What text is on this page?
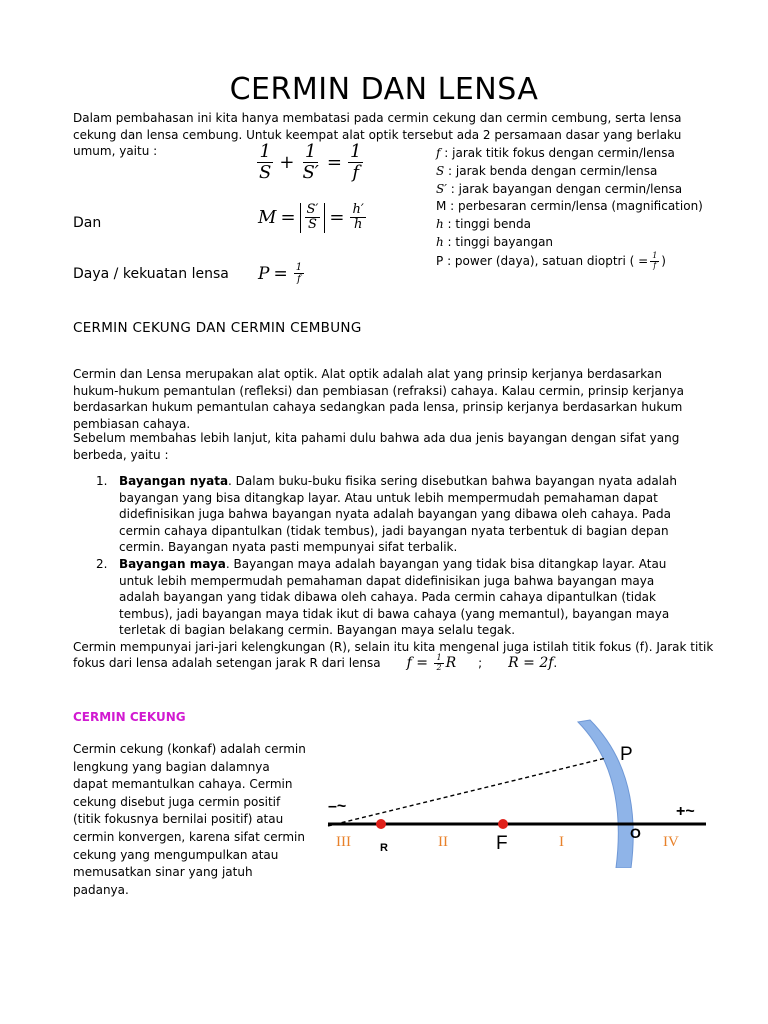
CERMIN DAN LENSA
Dalam pembahasan ini kita hanya membatasi pada cermin cekung dan cermin cembung, serta lensa cekung dan lensa cembung. Untuk keempat alat optik tersebut ada 2 persamaan dasar yang berlaku umum, yaitu :	$\frac{1}{S} + \frac{1}{S'} = \frac{1}{f}$
Dan	$M = \frac{S'}{S} = \frac{h'}{h}$
Daya / kekuatan lensa $P = \frac{1}{f}$
f : jarak titik fokus dengan cermin/lensa
S : jarak benda dengan cermin/lensa
S′ : jarak bayangan dengan cermin/lensa
M : perbesaran cermin/lensa (magnification)
h : tinggi benda
h : tinggi bayangan
P : power (daya), satuan dioptri ( = $\frac{1}{f}$ )
CERMIN CEKUNG DAN CERMIN CEMBUNG
Cermin dan Lensa merupakan alat optik. Alat optik adalah alat yang prinsip kerjanya berdasarkan hukum-hukum pemantulan (refleksi) dan pembiasan (refraksi) cahaya. Kalau cermin, prinsip kerjanya berdasarkan hukum pemantulan cahaya sedangkan pada lensa, prinsip kerjanya berdasarkan hukum pembiasan cahaya.
Sebelum membahas lebih lanjut, kita pahami dulu bahwa ada dua jenis bayangan dengan sifat yang berbeda, yaitu :
1. Bayangan nyata. Dalam buku-buku fisika sering disebutkan bahwa bayangan nyata adalah bayangan yang bisa ditangkap layar. Atau untuk lebih mempermudah pemahaman dapat didefinisikan juga bahwa bayangan nyata adalah bayangan yang dibawa oleh cahaya. Pada cermin cahaya dipantulkan (tidak tembus), jadi bayangan nyata terbentuk di bagian depan cermin. Bayangan nyata pasti mempunyai sifat terbalik.
2. Bayangan maya. Bayangan maya adalah bayangan yang tidak bisa ditangkap layar. Atau untuk lebih mempermudah pemahaman dapat didefinisikan juga bahwa bayangan maya adalah bayangan yang tidak dibawa oleh cahaya. Pada cermin cahaya dipantulkan (tidak tembus), jadi bayangan maya tidak ikut di bawa cahaya (yang memantul), bayangan maya terletak di bagian belakang cermin. Bayangan maya selalu tegak.
Cermin mempunyai jari-jari kelengkungan (R), selain itu kita mengenal juga istilah titik fokus (f). Jarak titik
fokus dari lensa adalah setengan jarak R dari lensa f
=
$\frac{1}{2}$ R ; R = 2f .
CERMIN CEKUNG
Cermin cekung (konkaf) adalah cermin lengkung yang bagian dalamnya dapat memantulkan cahaya. Cermin cekung disebut juga cermin positif (titik fokusnya bernilai positif) atau cermin konvergen, karena sifat cermin cekung yang mengumpulkan atau memusatkan sinar yang jatuh padanya.
P
–~	+~
III	II	F	I
O
IV
R
